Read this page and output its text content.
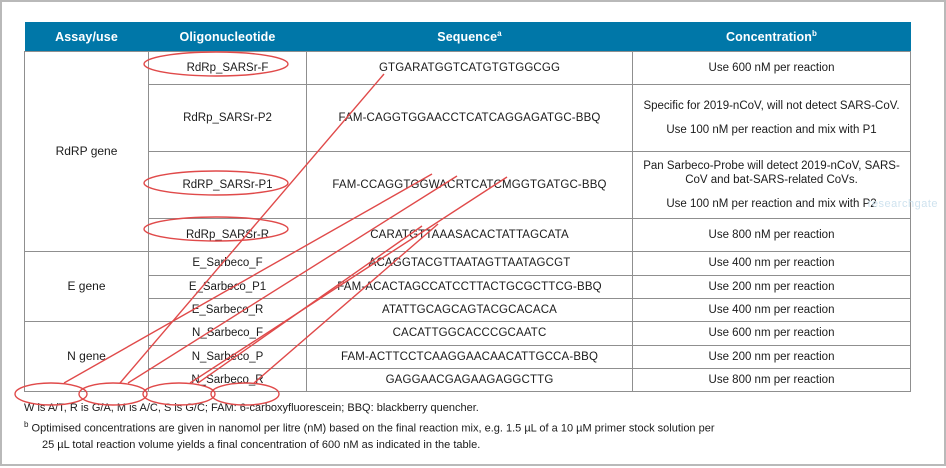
Assay/use	Oligonucleotide	Sequence$^a$	Concentration$^b$
RdRP gene	RdRp_SARSr-F	GTGARATGGTCATGTGTGGCGG	Use 600 nM per reaction
	RdRp_SARSr-P2	FAM-CAGGTGGAACCTCATCAGGAGATGC-BBQ	Specific for 2019-nCoV, will not detect SARS-CoV.
Use 100 nM per reaction and mix with P1

	RdRP_SARSr-P1	FAM-CCAGGTGGWACRTCATCMGGTGATGC-BBQ	Pan Sarbeco-Probe will detect 2019-nCoV, SARS-CoV and bat-SARS-related CoVs.
Use 100 nM per reaction and mix with P2

	RdRp_SARSr-R	CARATGTTAAASACACTATTAGCATA	Use 800 nM per reaction
E gene	E_Sarbeco_F	ACAGGTACGTTAATAGTTAATAGCGT	Use 400 nm per reaction
	E_Sarbeco_P1	FAM-ACACTAGCCATCCTTACTGCGCTTCG-BBQ	Use 200 nm per reaction
	E_Sarbeco_R	ATATTGCAGCAGTACGCACACA	Use 400 nm per reaction
N gene	N_Sarbeco_F	CACATTGGCACCCGCAATC	Use 600 nm per reaction
	N_Sarbeco_P	FAM-ACTTCCTCAAGGAACAACATTGCCA-BBQ	Use 200 nm per reaction
	N_Sarbeco_R	GAGGAACGAGAAGAGGCTTG	Use 800 nm per reaction
W is A/T, R is G/A, M is A/C, S is G/C; FAM: 6-carboxyfluorescein; BBQ: blackberry quencher.
$^b$ Optimised concentrations are given in nanomol per litre (nM) based on the final reaction mix, e.g. 1.5 µL of a 10 µM primer stock solution per
25 µL total reaction volume yields a final concentration of 600 nM as indicated in the table.
researchgate
